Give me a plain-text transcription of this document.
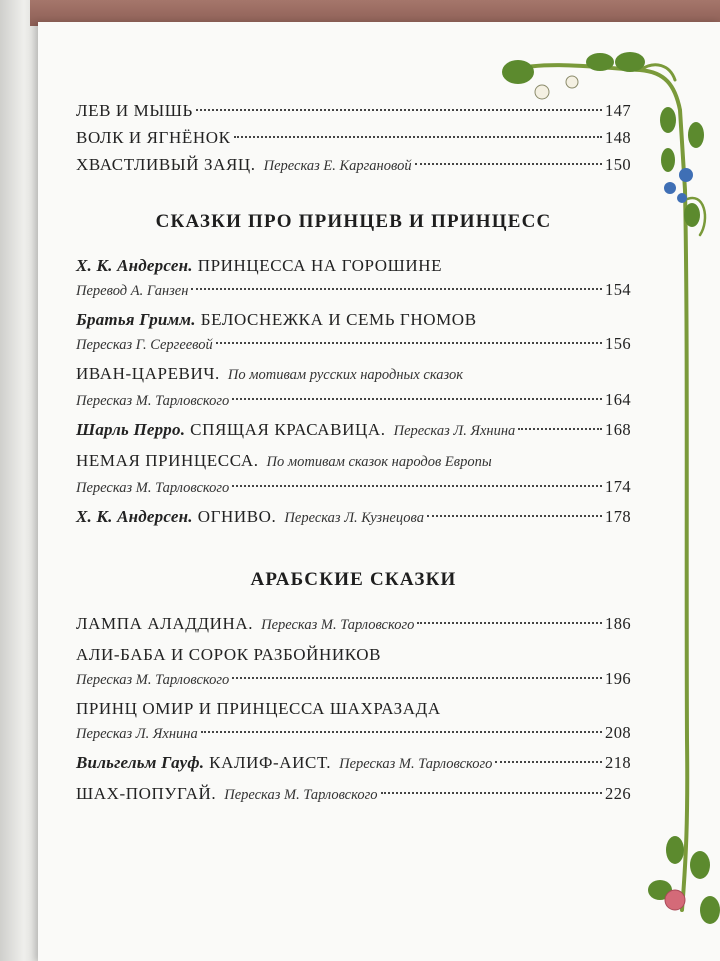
ЛЕВ И МЫШЬ	147
ВОЛК И ЯГНЁНОК	148
ХВАСТЛИВЫЙ ЗАЯЦ. Пересказ Е. Каргановой	150
СКАЗКИ ПРО ПРИНЦЕВ И ПРИНЦЕСС
Х. К. Андерсен. ПРИНЦЕССА НА ГОРОШИНЕ
Перевод А. Ганзен	154
Братья Гримм. БЕЛОСНЕЖКА И СЕМЬ ГНОМОВ
Пересказ Г. Сергеевой	156
ИВАН-ЦАРЕВИЧ. По мотивам русских народных сказок
Пересказ М. Тарловского	164
Шарль Перро. СПЯЩАЯ КРАСАВИЦА. Пересказ Л. Яхнина	168
НЕМАЯ ПРИНЦЕССА. По мотивам сказок народов Европы
Пересказ М. Тарловского	174
Х. К. Андерсен. ОГНИВО. Пересказ Л. Кузнецова	178
АРАБСКИЕ СКАЗКИ
ЛАМПА АЛАДДИНА. Пересказ М. Тарловского	186
АЛИ-БАБА И СОРОК РАЗБОЙНИКОВ
Пересказ М. Тарловского	196
ПРИНЦ ОМИР И ПРИНЦЕССА ШАХРАЗАДА
Пересказ Л. Яхнина	208
Вильгельм Гауф. КАЛИФ-АИСТ. Пересказ М. Тарловского	218
ШАХ-ПОПУГАЙ. Пересказ М. Тарловского	226
